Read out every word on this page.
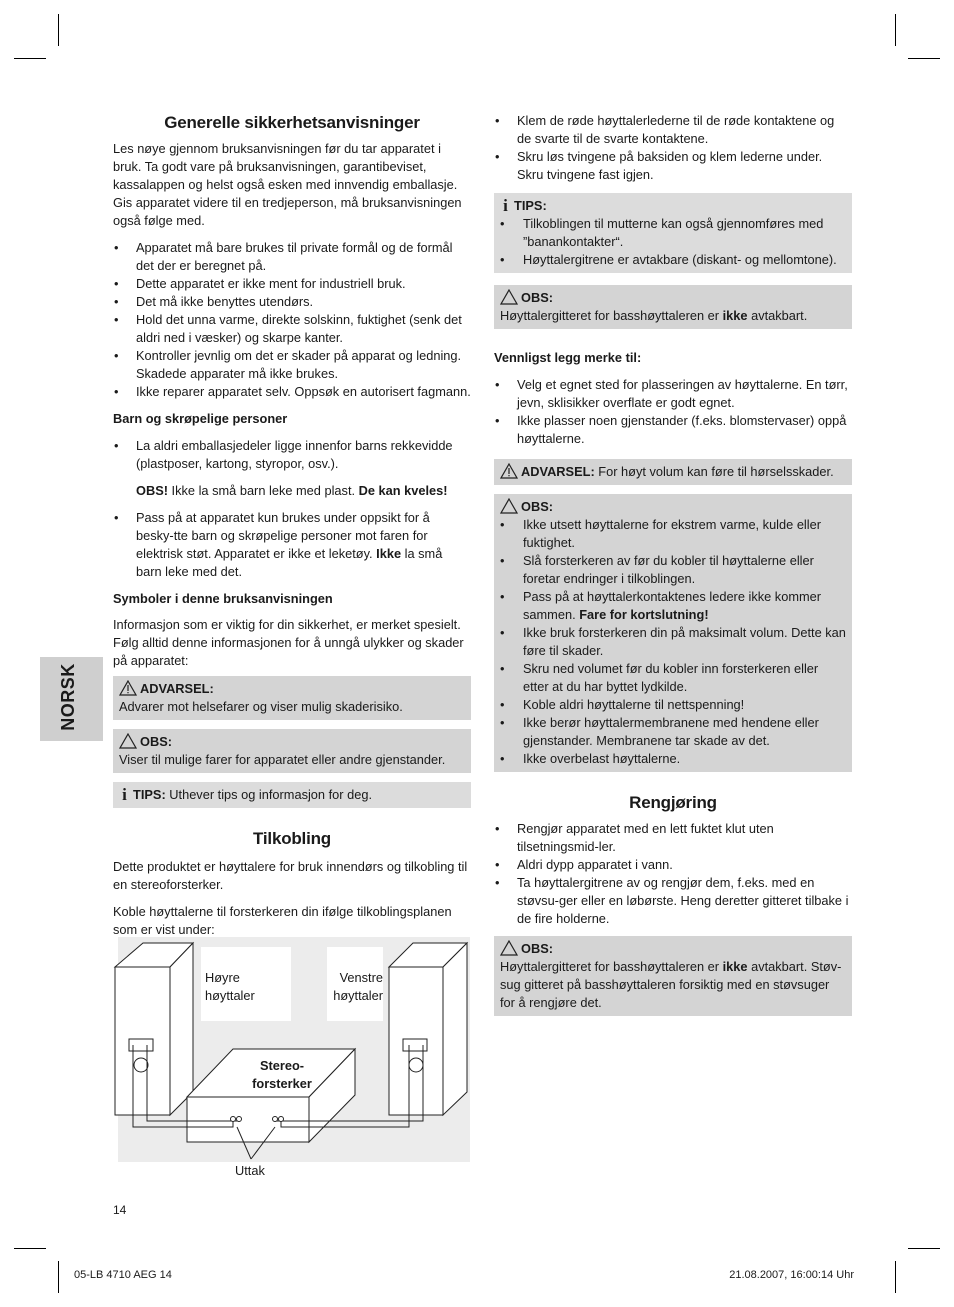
NORSK
Generelle sikkerhetsanvisninger

Les nøye gjennom bruksanvisningen før du tar apparatet i bruk. Ta godt vare på bruksanvisningen, garantibeviset, kassalappen og helst også esken med innvendig emballasje. Gis apparatet videre til en tredjeperson, må bruksanvisningen også følge med.

• Apparatet må bare brukes til private formål og de formål det der er beregnet på.
• Dette apparatet er ikke ment for industriell bruk.
• Det må ikke benyttes utendørs.
• Hold det unna varme, direkte solskinn, fuktighet (senk det aldri ned i væsker) og skarpe kanter.
• Kontroller jevnlig om det er skader på apparat og ledning. Skadede apparater må ikke brukes.
• Ikke reparer apparatet selv. Oppsøk en autorisert fagmann.
Barn og skrøpelige personer
• La aldri emballasjedeler ligge innenfor barns rekkevidde (plastposer, kartong, styropor, osv.).

OBS! Ikke la små barn leke med plast. De kan kveles!

• Pass på at apparatet kun brukes under oppsikt for å besky-tte barn og skrøpelige personer mot faren for elektrisk støt. Apparatet er ikke et leketøy. Ikke la små barn leke med det.
Symboler i denne bruksanvisningen

Informasjon som er viktig for din sikkerhet, er merket spesielt. Følg alltid denne informasjonen for å unngå ulykker og skader på apparatet:

ADVARSEL:
Advarer mot helsefarer og viser mulig skaderisiko.
OBS:
Viser til mulige farer for apparatet eller andre gjenstander.
i TIPS: Uthever tips og informasjon for deg.
Tilkobling

Dette produktet er høyttalere for bruk innendørs og tilkobling til en stereoforsterker.

Koble høyttalerne til forsterkeren din ifølge tilkoblingsplanen som er vist under:

Høyre høyttaler
Venstre høyttaler
Stereo-forsterker
Uttak
• Klem de røde høyttalerlederne til de røde kontaktene og de svarte til de svarte kontaktene.
• Skru løs tvingene på baksiden og klem lederne under. Skru tvingene fast igjen.
i TIPS:
• Tilkoblingen til mutterne kan også gjennomføres med ”banankontakter“.
• Høyttalergitrene er avtakbare (diskant- og mellomtone).
OBS:
Høyttalergitteret for basshøyttaleren er ikke avtakbart.
Vennligst legg merke til:
• Velg et egnet sted for plasseringen av høyttalerne. En tørr, jevn, sklisikker overflate er godt egnet.
• Ikke plasser noen gjenstander (f.eks. blomstervaser) oppå høyttalerne.
ADVARSEL: For høyt volum kan føre til hørselsskader.
OBS:
• Ikke utsett høyttalerne for ekstrem varme, kulde eller fuktighet.
• Slå forsterkeren av før du kobler til høyttalerne eller foretar endringer i tilkoblingen.
• Pass på at høyttalerkontaktenes ledere ikke kommer sammen. Fare for kortslutning!
• Ikke bruk forsterkeren din på maksimalt volum. Dette kan føre til skader.
• Skru ned volumet før du kobler inn forsterkeren eller etter at du har byttet lydkilde.
• Koble aldri høyttalerne til nettspenning!
• Ikke berør høyttalermembranene med hendene eller gjenstander. Membranene tar skade av det.
• Ikke overbelast høyttalerne.
Rengjøring
• Rengjør apparatet med en lett fuktet klut uten tilsetningsmid-ler.
• Aldri dypp apparatet i vann.
• Ta høyttalergitrene av og rengjør dem, f.eks. med en støvsu-ger eller en løbørste. Heng deretter gitteret tilbake i de fire holderne.
OBS:
Høyttalergitteret for basshøyttaleren er ikke avtakbart. Støv-sug gitteret på basshøyttaleren forsiktig med en støvsuger for å rengjøre det.
14
05-LB 4710 AEG 14	21.08.2007, 16:00:14 Uhr
